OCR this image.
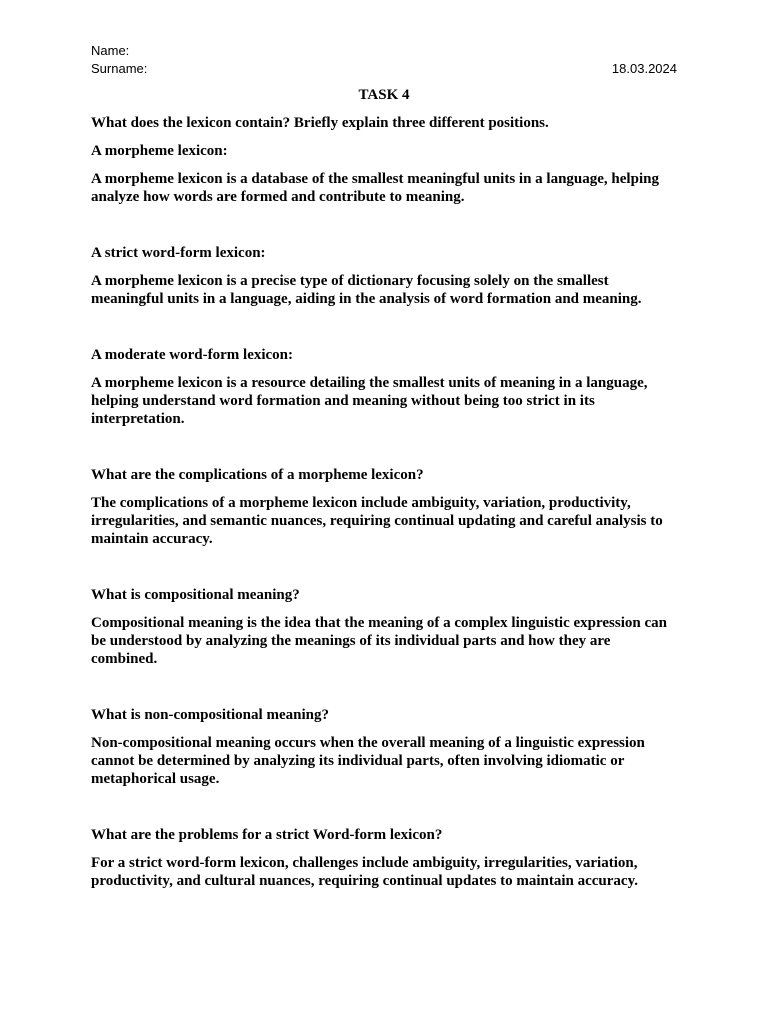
Name:
Surname:	18.03.2024
TASK 4

What does the lexicon contain? Briefly explain three different positions.

A morpheme lexicon:

A morpheme lexicon is a database of the smallest meaningful units in a language, helping analyze how words are formed and contribute to meaning.

A strict word-form lexicon:

A morpheme lexicon is a precise type of dictionary focusing solely on the smallest meaningful units in a language, aiding in the analysis of word formation and meaning.

A moderate word-form lexicon:

A morpheme lexicon is a resource detailing the smallest units of meaning in a language, helping understand word formation and meaning without being too strict in its interpretation.

What are the complications of a morpheme lexicon?

The complications of a morpheme lexicon include ambiguity, variation, productivity, irregularities, and semantic nuances, requiring continual updating and careful analysis to maintain accuracy.

What is compositional meaning?

Compositional meaning is the idea that the meaning of a complex linguistic expression can be understood by analyzing the meanings of its individual parts and how they are combined.

What is non-compositional meaning?

Non-compositional meaning occurs when the overall meaning of a linguistic expression cannot be determined by analyzing its individual parts, often involving idiomatic or metaphorical usage.

What are the problems for a strict Word-form lexicon?

For a strict word-form lexicon, challenges include ambiguity, irregularities, variation, productivity, and cultural nuances, requiring continual updates to maintain accuracy.
